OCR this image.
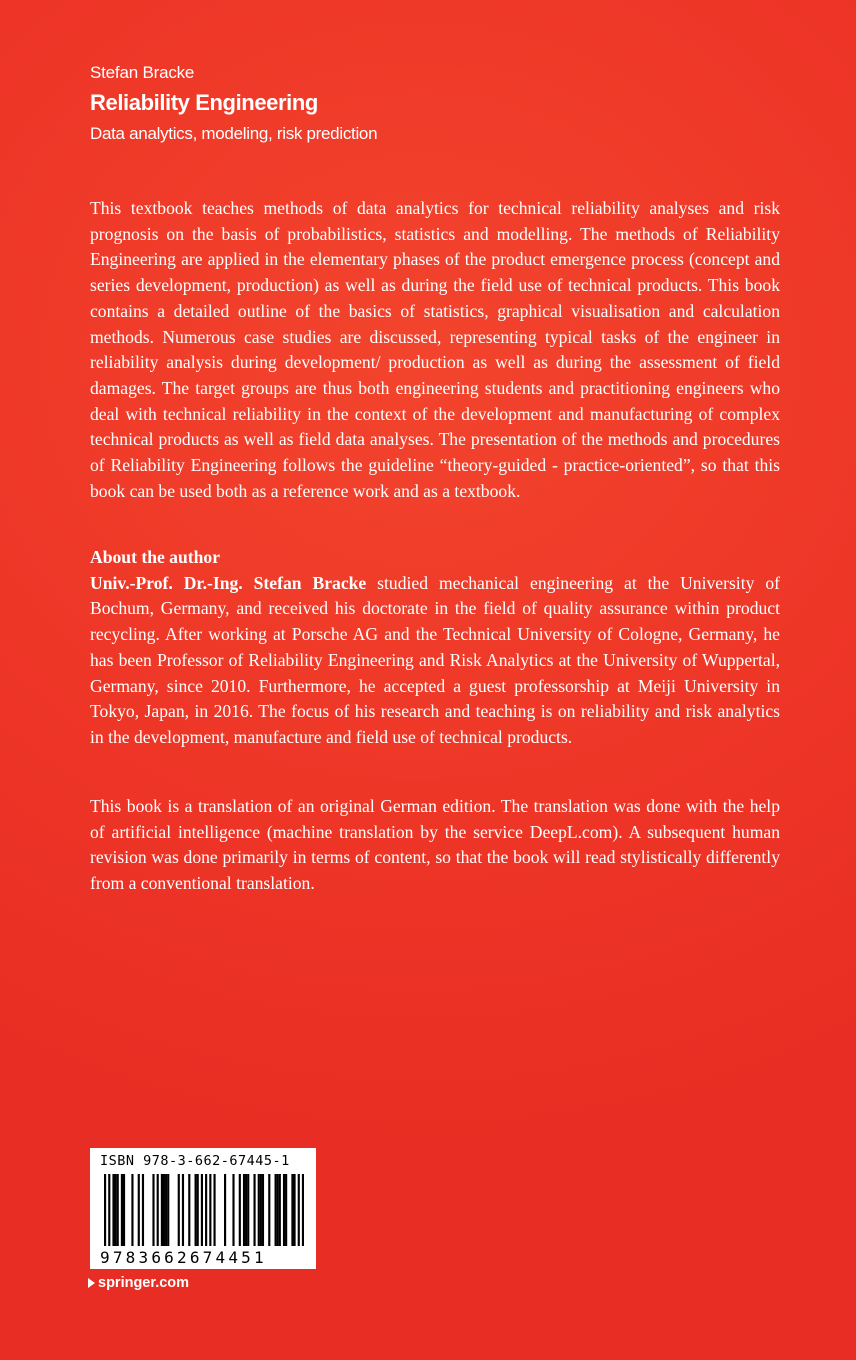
Stefan Bracke
Reliability Engineering
Data analytics, modeling, risk prediction

This textbook teaches methods of data analytics for technical reliability analyses and risk prognosis on the basis of probabilistics, statistics and modelling. The methods of Reliability Engineering are applied in the elementary phases of the product emergence process (concept and series development, production) as well as during the field use of technical products. This book contains a detailed outline of the basics of statistics, graphical visualisation and calculation methods. Numerous case studies are discussed, representing typical tasks of the engineer in reliability analysis during development/ production as well as during the assessment of field damages. The target groups are thus both engineering students and practitioning engineers who deal with technical reliability in the context of the development and manufacturing of complex technical products as well as field data analyses. The presentation of the methods and procedures of Reliability Engineering follows the guideline “theory-guided - practice-oriented”, so that this book can be used both as a reference work and as a textbook.

About the author

Univ.-Prof. Dr.-Ing. Stefan Bracke studied mechanical engineering at the University of Bochum, Germany, and received his doctorate in the field of quality assurance within product recycling. After working at Porsche AG and the Technical University of Cologne, Germany, he has been Professor of Reliability Engineering and Risk Analytics at the University of Wuppertal, Germany, since 2010. Furthermore, he accepted a guest professorship at Meiji University in Tokyo, Japan, in 2016. The focus of his research and teaching is on reliability and risk analytics in the development, manufacture and field use of technical products.

This book is a translation of an original German edition. The translation was done with the help of artificial intelligence (machine translation by the service DeepL.com). A subsequent human revision was done primarily in terms of content, so that the book will read stylistically differently from a conventional translation.

ISBN 978-3-662-67445-1
9783662674451
springer.com
